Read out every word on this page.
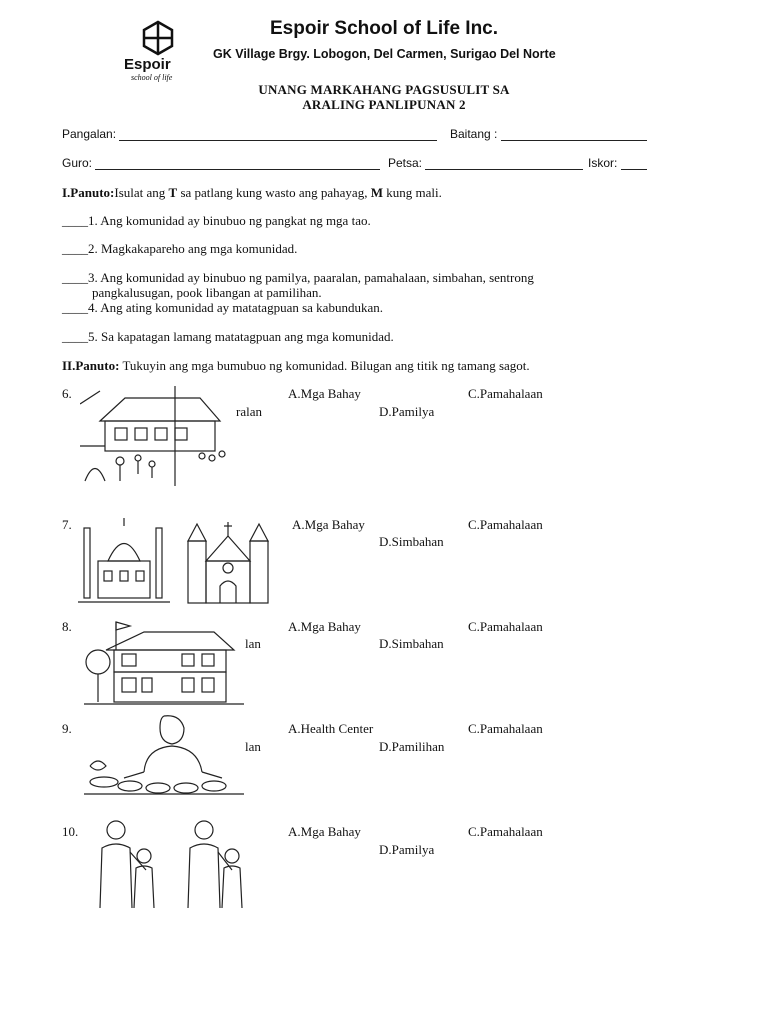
Espoir
school of life
Espoir School of Life Inc.
GK Village Brgy. Lobogon, Del Carmen, Surigao Del Norte
UNANG MARKAHANG PAGSUSULIT SA
ARALING PANLIPUNAN 2
Pangalan:	Baitang :
Guro:	Petsa:	Iskor:
I.Panuto:Isulat ang T sa patlang kung wasto ang pahayag, M kung mali.
____1. Ang komunidad ay binubuo ng pangkat ng mga tao.
____2. Magkakapareho ang mga komunidad.
____3. Ang komunidad ay binubuo ng pamilya, paaralan, pamahalaan, simbahan, sentrong
pangkalusugan, pook libangan at pamilihan.
____4. Ang ating komunidad ay matatagpuan sa kabundukan.
____5. Sa kapatagan lamang matatagpuan ang mga komunidad.
II.Panuto: Tukuyin ang mga bumubuo ng komunidad. Bilugan ang titik ng tamang sagot.
6.	A.Mga Bahay	C.Pamahalaan
ralan	D.Pamilya
7.	A.Mga Bahay	C.Pamahalaan
D.Simbahan
8.	A.Mga Bahay	C.Pamahalaan
lan	D.Simbahan
9.	A.Health Center	C.Pamahalaan
lan	D.Pamilihan
10.	A.Mga Bahay	C.Pamahalaan
D.Pamilya
